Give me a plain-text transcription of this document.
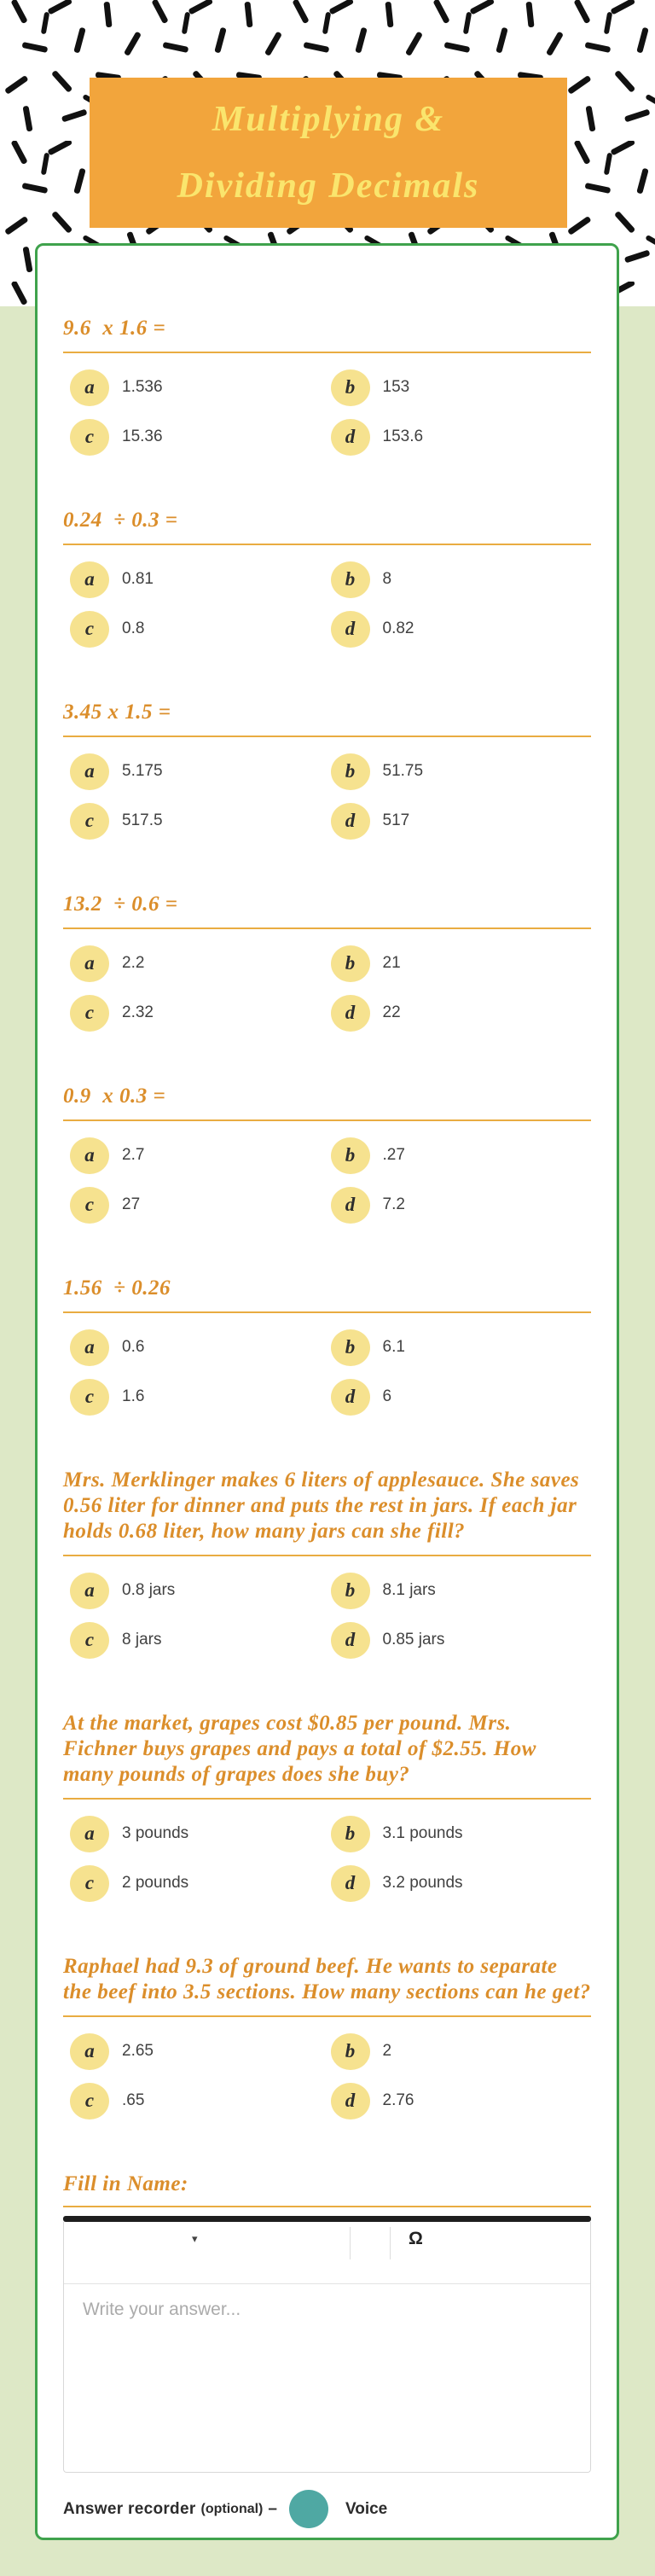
Multiplying &
Dividing Decimals
9.6  x 1.6 =
a	1.536	b	153
c	15.36	d	153.6
0.24  ÷ 0.3 =
a	0.81	b	8
c	0.8	d	0.82
3.45 x 1.5 =
a	5.175	b	51.75
c	517.5	d	517
13.2  ÷ 0.6 =
a	2.2	b	21
c	2.32	d	22
0.9  x 0.3 =
a	2.7	b	.27
c	27	d	7.2
1.56  ÷ 0.26
a	0.6	b	6.1
c	1.6	d	6
Mrs. Merklinger makes 6 liters of applesauce. She saves 0.56 liter for dinner and puts the rest in jars. If each jar holds 0.68 liter, how many jars can she fill?
a	0.8 jars	b	8.1 jars
c	8 jars	d	0.85 jars
At the market, grapes cost $0.85 per pound. Mrs. Fichner buys grapes and pays a total of $2.55. How many pounds of grapes does she buy?
a	3 pounds	b	3.1 pounds
c	2 pounds	d	3.2 pounds
Raphael had 9.3 of ground beef. He wants to separate the beef into 3.5 sections. How many sections can he get?
a	2.65	b	2
c	.65	d	2.76
Fill in Name:
▾	Ω
Write your answer...
Answer recorder (optional) –	Voice
